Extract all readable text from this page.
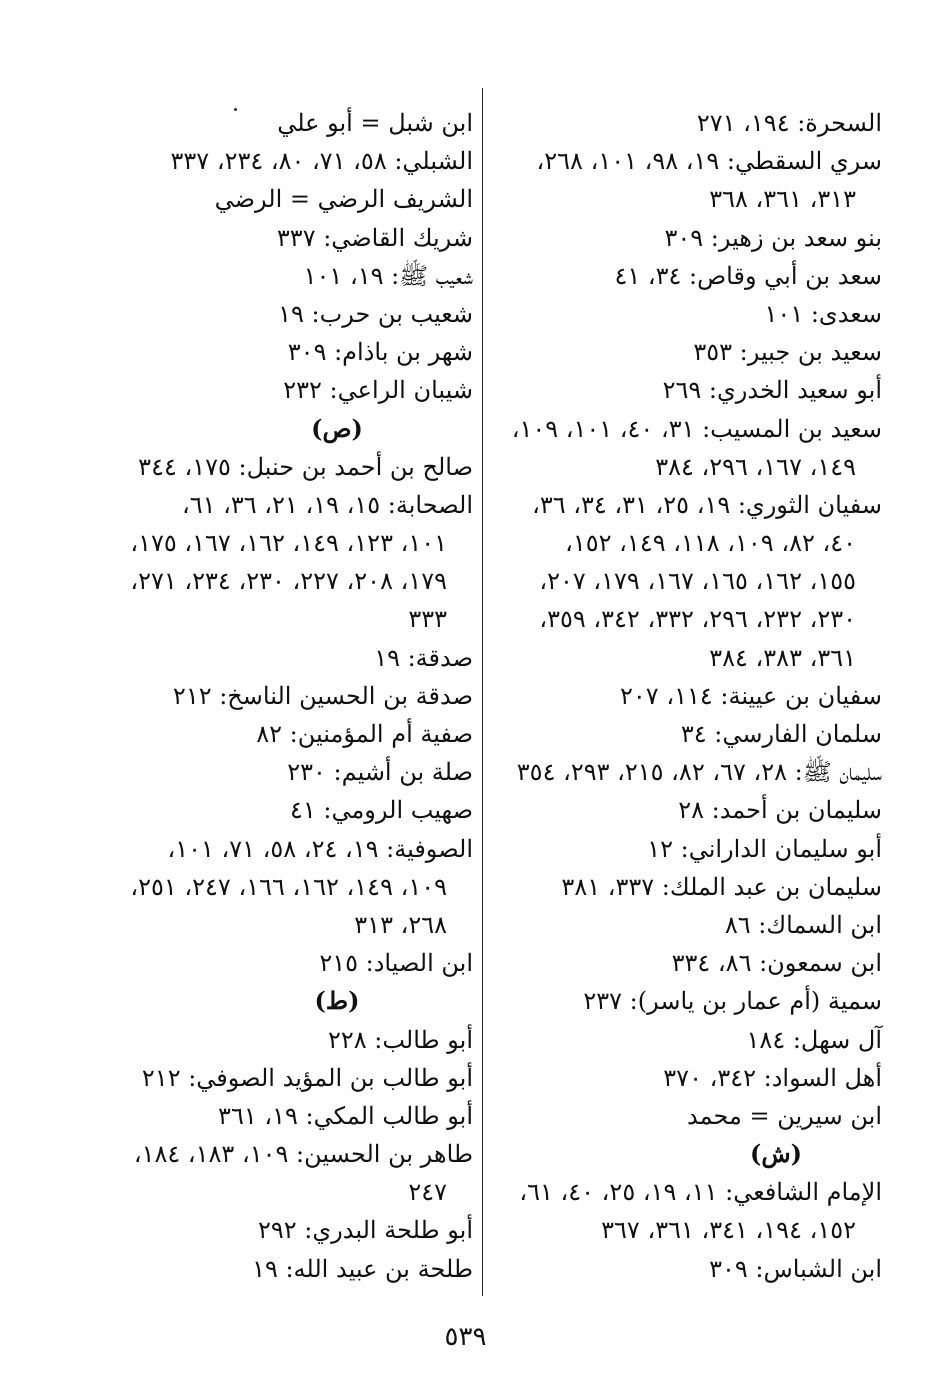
السحرة: ١٩٤، ٢٧١
سري السقطي: ١٩، ٩٨، ١٠١، ٢٦٨،
٣١٣، ٣٦١، ٣٦٨
بنو سعد بن زهير: ٣٠٩
سعد بن أبي وقاص: ٣٤، ٤١
سعدى: ١٠١
سعيد بن جبير: ٣٥٣
أبو سعيد الخدري: ٢٦٩
سعيد بن المسيب: ٣١، ٤٠، ١٠١، ١٠٩،
١٤٩، ١٦٧، ٢٩٦، ٣٨٤
سفيان الثوري: ١٩، ٢٥، ٣١، ٣٤، ٣٦،
٤٠، ٨٢، ١٠٩، ١١٨، ١٤٩، ١٥٢،
١٥٥، ١٦٢، ١٦٥، ١٦٧، ١٧٩، ٢٠٧،
٢٣٠، ٢٣٢، ٢٩٦، ٣٣٢، ٣٤٢، ٣٥٩،
٣٦١، ٣٨٣، ٣٨٤
سفيان بن عيينة: ١١٤، ٢٠٧
سلمان الفارسي: ٣٤
سليمان ﷺ: ٢٨، ٦٧، ٨٢، ٢١٥، ٢٩٣، ٣٥٤
سليمان بن أحمد: ٢٨
أبو سليمان الداراني: ١٢
سليمان بن عبد الملك: ٣٣٧، ٣٨١
ابن السماك: ٨٦
ابن سمعون: ٨٦، ٣٣٤
سمية (أم عمار بن ياسر): ٢٣٧
آل سهل: ١٨٤
أهل السواد: ٣٤٢، ٣٧٠
ابن سيرين = محمد
(ش)
الإمام الشافعي: ١١، ١٩، ٢٥، ٤٠، ٦١،
١٥٢، ١٩٤، ٣٤١، ٣٦١، ٣٦٧
ابن الشباس: ٣٠٩
ابن شبل = أبو علي
الشبلي: ٥٨، ٧١، ٨٠، ٢٣٤، ٣٣٧
الشريف الرضي = الرضي
شريك القاضي: ٣٣٧
شعيب ﷺ: ١٩، ١٠١
شعيب بن حرب: ١٩
شهر بن باذام: ٣٠٩
شيبان الراعي: ٢٣٢
(ص)
صالح بن أحمد بن حنبل: ١٧٥، ٣٤٤
الصحابة: ١٥، ١٩، ٢١، ٣٦، ٦١،
١٠١، ١٢٣، ١٤٩، ١٦٢، ١٦٧، ١٧٥،
١٧٩، ٢٠٨، ٢٢٧، ٢٣٠، ٢٣٤، ٢٧١،
٣٣٣
صدقة: ١٩
صدقة بن الحسين الناسخ: ٢١٢
صفية أم المؤمنين: ٨٢
صلة بن أشيم: ٢٣٠
صهيب الرومي: ٤١
الصوفية: ١٩، ٢٤، ٥٨، ٧١، ١٠١،
١٠٩، ١٤٩، ١٦٢، ١٦٦، ٢٤٧، ٢٥١،
٢٦٨، ٣١٣
ابن الصياد: ٢١٥
(ط)
أبو طالب: ٢٢٨
أبو طالب بن المؤيد الصوفي: ٢١٢
أبو طالب المكي: ١٩، ٣٦١
طاهر بن الحسين: ١٠٩، ١٨٣، ١٨٤،
٢٤٧
أبو طلحة البدري: ٢٩٢
طلحة بن عبيد الله: ١٩
٥٣٩
